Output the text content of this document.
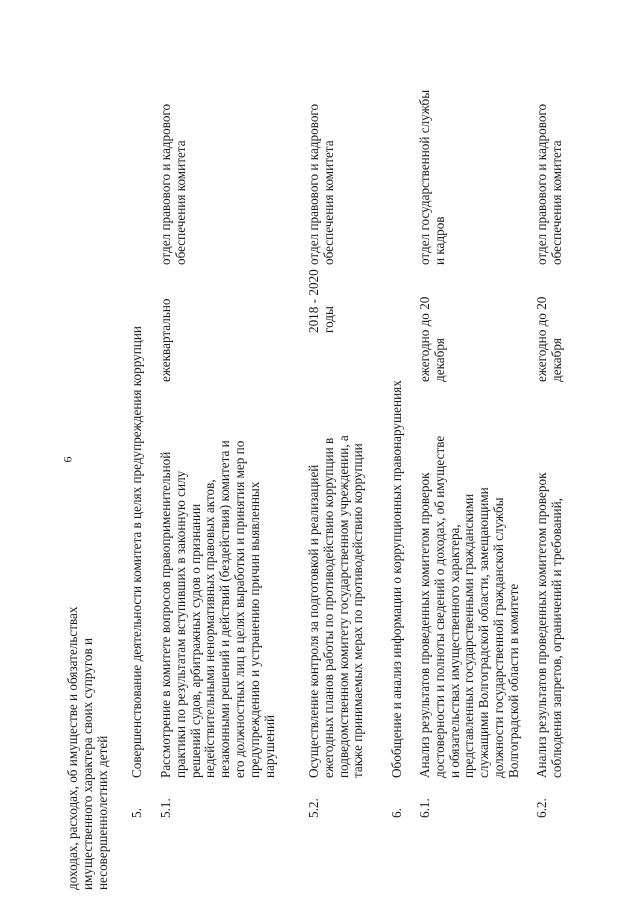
6
доходах, расходах, об имуществе и обязательствах
имущественного характера своих супругов и
несовершеннолетних детей
5.
Совершенствование деятельности комитета в целях предупреждения коррупции
5.1.
Рассмотрение в комитете вопросов правоприменительной
практики по результатам вступивших в законную силу
решений судов, арбитражных судов о признании
недействительными ненормативных правовых актов,
незаконными решений и действий (бездействия) комитета и
его должностных лиц в целях выработки и принятия мер по
предупреждению и устранению причин выявленных
нарушений
ежеквартально
отдел правового и кадрового
обеспечения комитета
5.2.
Осуществление контроля за подготовкой и реализацией
ежегодных планов работы по противодействию коррупции в
подведомственном комитету государственном учреждении, а
также принимаемых мерах по противодействию коррупции
2018 - 2020
годы
отдел правового и кадрового
обеспечения комитета
6.
Обобщение и анализ информации о коррупционных правонарушениях
6.1.
Анализ результатов проведенных комитетом проверок
достоверности и полноты сведений о доходах, об имуществе
и обязательствах имущественного характера,
представленных государственными гражданскими
служащими Волгоградской области, замещающими
должности государственной гражданской службы
Волгоградской области в комитете
ежегодно до 20
декабря
отдел государственной службы
и кадров
6.2.
Анализ результатов проведенных комитетом проверок
соблюдения запретов, ограничений и требований,
ежегодно до 20
декабря
отдел правового и кадрового
обеспечения комитета
